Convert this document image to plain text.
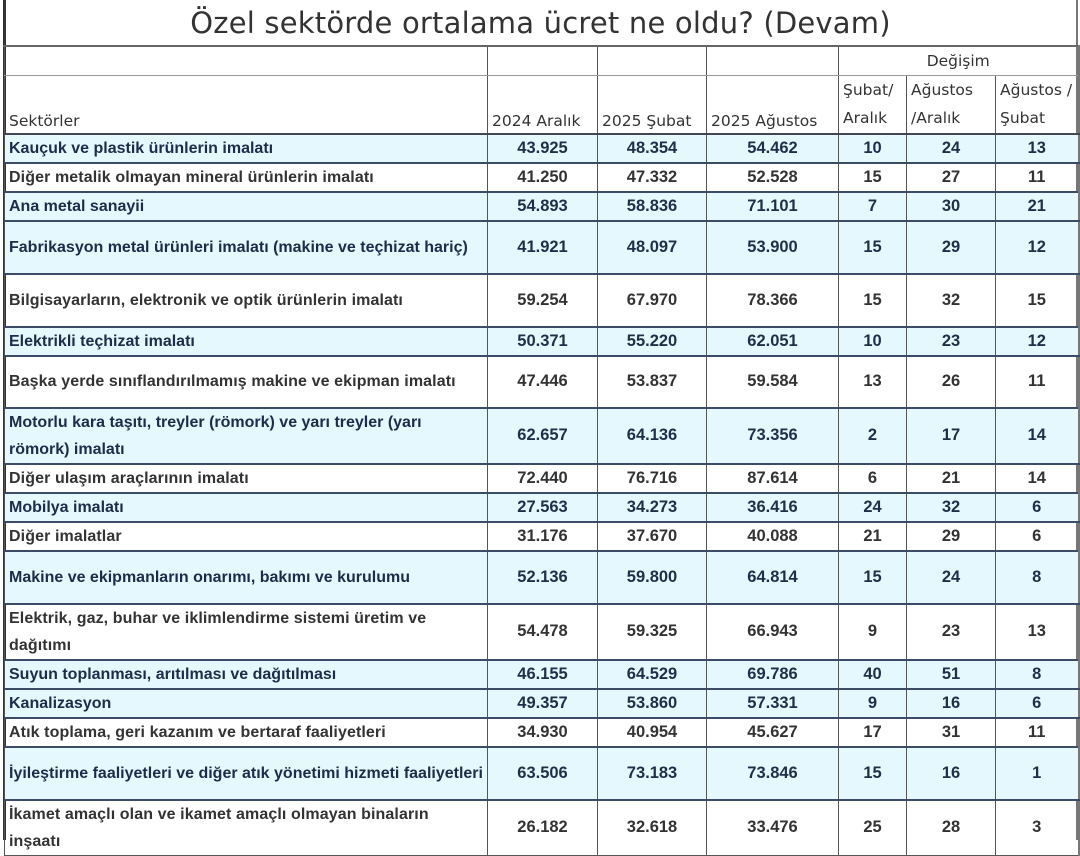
Özel sektörde ortalama ücret ne oldu? (Devam)
				Değişim		
Sektörler	2024 Aralık	2025 Şubat	2025 Ağustos	Şubat/ Aralık	Ağustos /Aralık	Ağustos /Şubat
Kauçuk ve plastik ürünlerin imalatı	43.925	48.354	54.462	10	24	13
Diğer metalik olmayan mineral ürünlerin imalatı	41.250	47.332	52.528	15	27	11
Ana metal sanayii	54.893	58.836	71.101	7	30	21
Fabrikasyon metal ürünleri imalatı (makine ve teçhizat hariç)	41.921	48.097	53.900	15	29	12
Bilgisayarların, elektronik ve optik ürünlerin imalatı	59.254	67.970	78.366	15	32	15
Elektrikli teçhizat imalatı	50.371	55.220	62.051	10	23	12
Başka yerde sınıflandırılmamış makine ve ekipman imalatı	47.446	53.837	59.584	13	26	11
Motorlu kara taşıtı, treyler (römork) ve yarı treyler (yarı römork) imalatı	62.657	64.136	73.356	2	17	14
Diğer ulaşım araçlarının imalatı	72.440	76.716	87.614	6	21	14
Mobilya imalatı	27.563	34.273	36.416	24	32	6
Diğer imalatlar	31.176	37.670	40.088	21	29	6
Makine ve ekipmanların onarımı, bakımı ve kurulumu	52.136	59.800	64.814	15	24	8
Elektrik, gaz, buhar ve iklimlendirme sistemi üretim ve dağıtımı	54.478	59.325	66.943	9	23	13
Suyun toplanması, arıtılması ve dağıtılması	46.155	64.529	69.786	40	51	8
Kanalizasyon	49.357	53.860	57.331	9	16	6
Atık toplama, geri kazanım ve bertaraf faaliyetleri	34.930	40.954	45.627	17	31	11
İyileştirme faaliyetleri ve diğer atık yönetimi hizmeti faaliyetleri	63.506	73.183	73.846	15	16	1
İkamet amaçlı olan ve ikamet amaçlı olmayan binaların inşaatı	26.182	32.618	33.476	25	28	3
